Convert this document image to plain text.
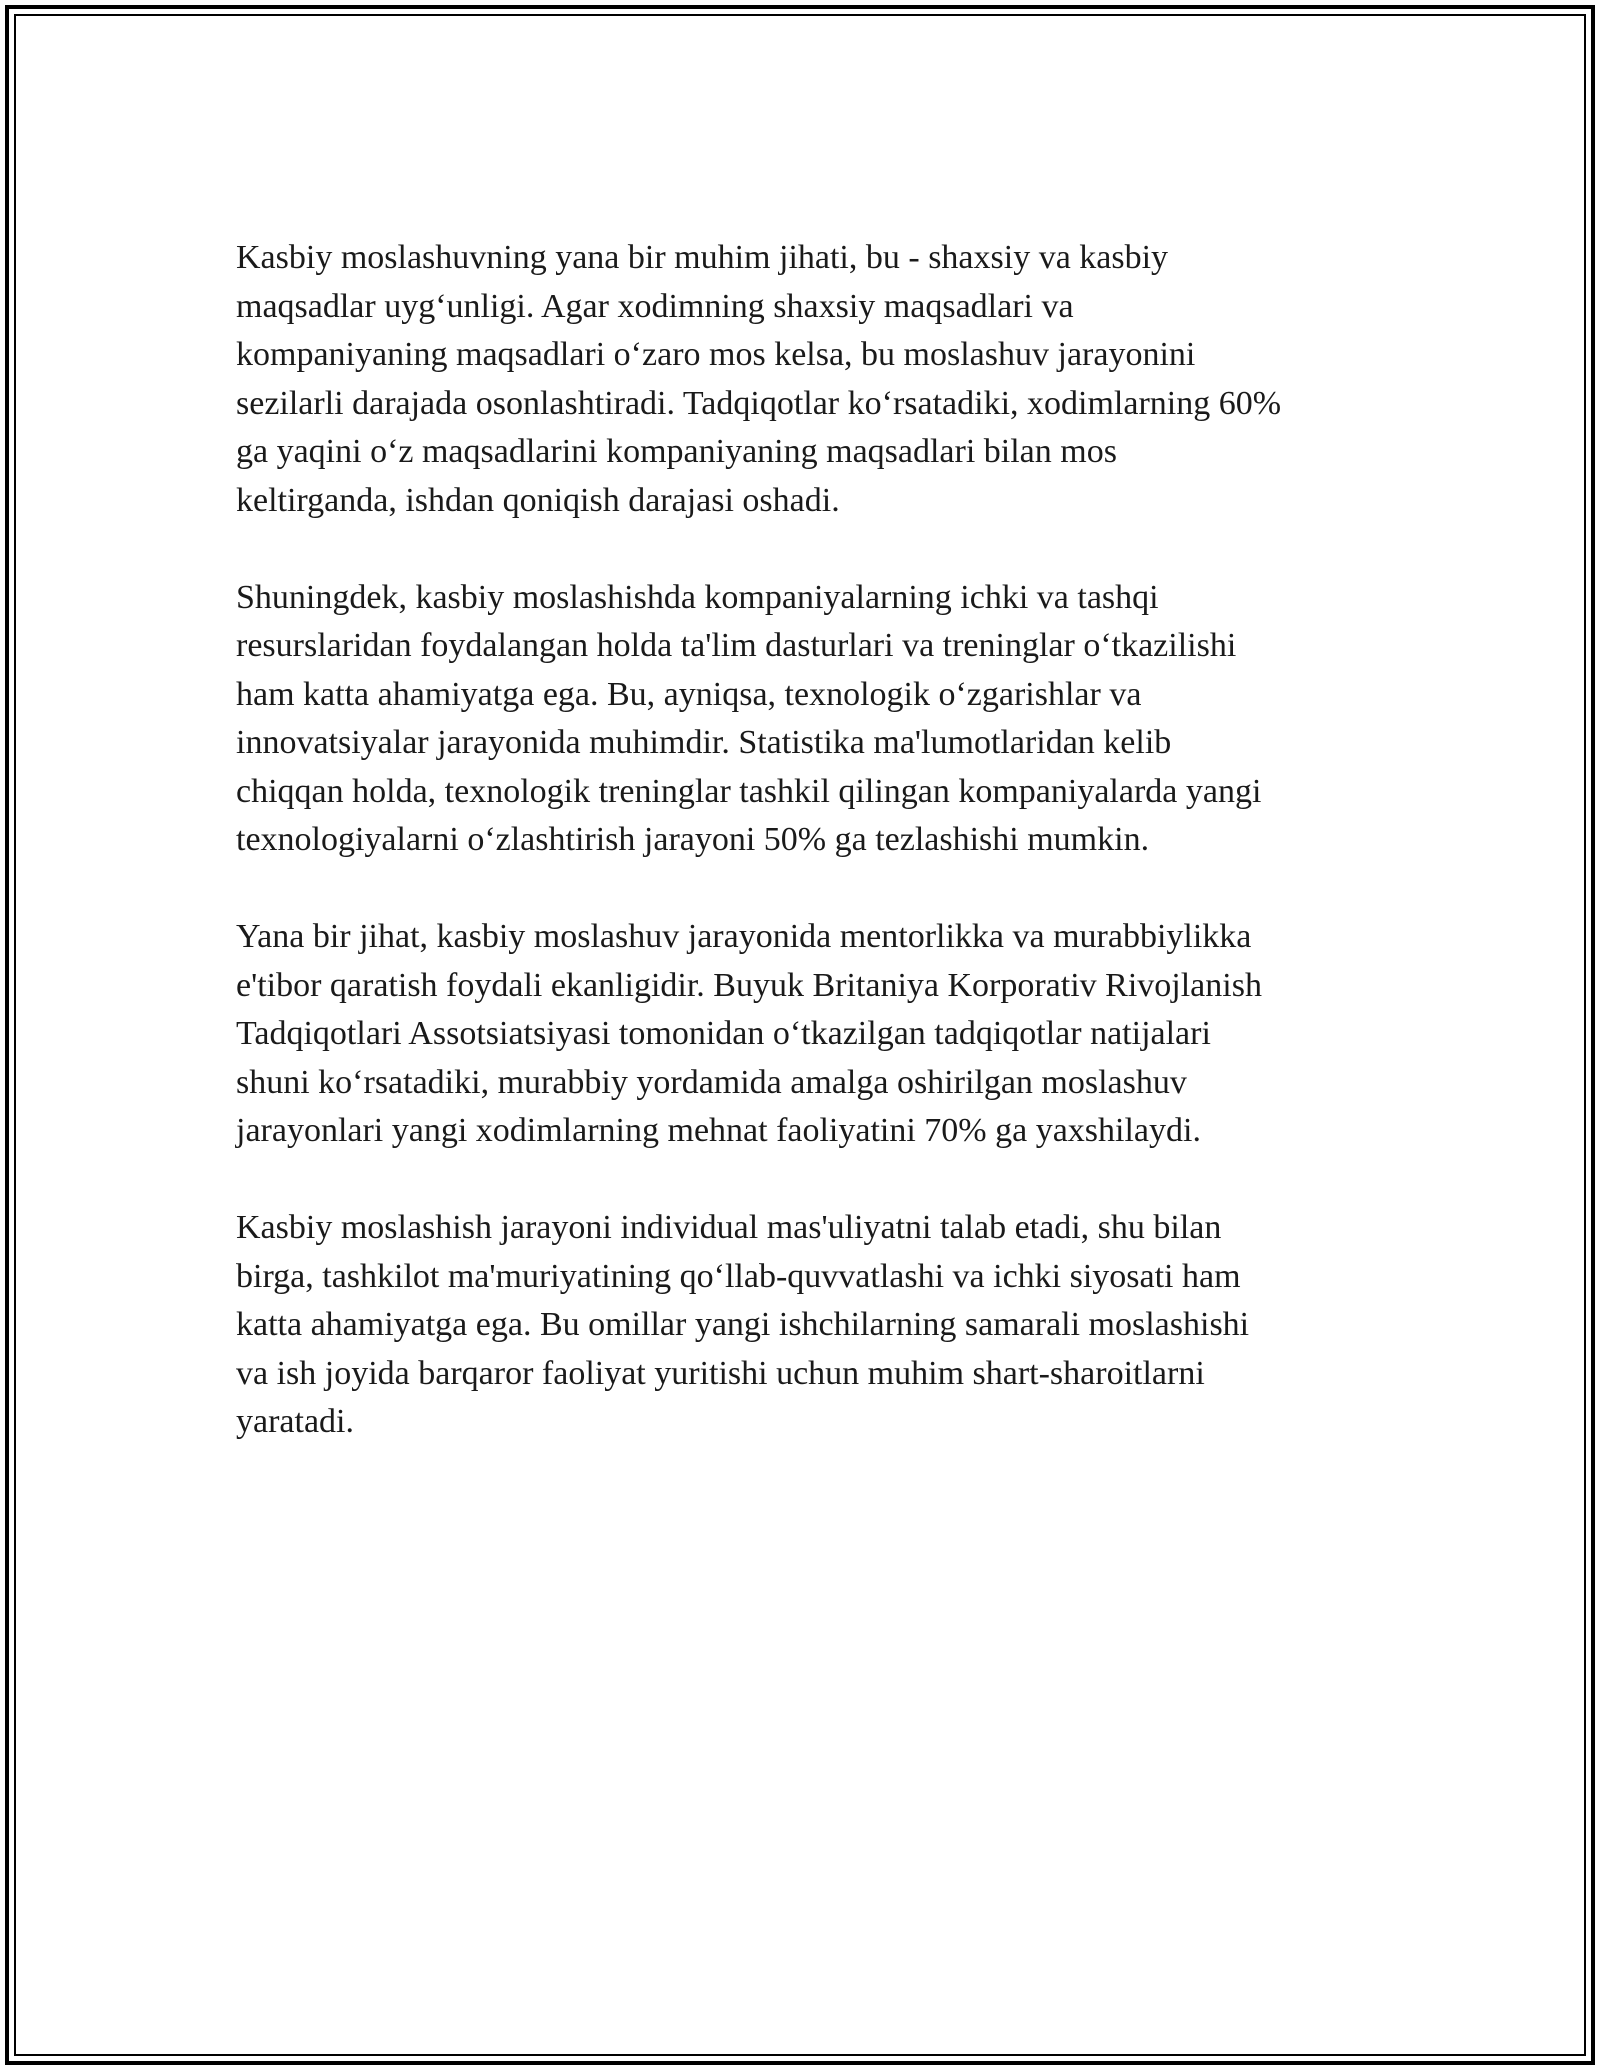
Kasbiy moslashuvning yana bir muhim jihati, bu - shaxsiy va kasbiy
maqsadlar uyg‘unligi. Agar xodimning shaxsiy maqsadlari va
kompaniyaning maqsadlari o‘zaro mos kelsa, bu moslashuv jarayonini
sezilarli darajada osonlashtiradi. Tadqiqotlar ko‘rsatadiki, xodimlarning 60%
ga yaqini o‘z maqsadlarini kompaniyaning maqsadlari bilan mos
keltirganda, ishdan qoniqish darajasi oshadi.

Shuningdek, kasbiy moslashishda kompaniyalarning ichki va tashqi
resurslaridan foydalangan holda ta'lim dasturlari va treninglar o‘tkazilishi
ham katta ahamiyatga ega. Bu, ayniqsa, texnologik o‘zgarishlar va
innovatsiyalar jarayonida muhimdir. Statistika ma'lumotlaridan kelib
chiqqan holda, texnologik treninglar tashkil qilingan kompaniyalarda yangi
texnologiyalarni o‘zlashtirish jarayoni 50% ga tezlashishi mumkin.

Yana bir jihat, kasbiy moslashuv jarayonida mentorlikka va murabbiylikka
e'tibor qaratish foydali ekanligidir. Buyuk Britaniya Korporativ Rivojlanish
Tadqiqotlari Assotsiatsiyasi tomonidan o‘tkazilgan tadqiqotlar natijalari
shuni ko‘rsatadiki, murabbiy yordamida amalga oshirilgan moslashuv
jarayonlari yangi xodimlarning mehnat faoliyatini 70% ga yaxshilaydi.

Kasbiy moslashish jarayoni individual mas'uliyatni talab etadi, shu bilan
birga, tashkilot ma'muriyatining qo‘llab-quvvatlashi va ichki siyosati ham
katta ahamiyatga ega. Bu omillar yangi ishchilarning samarali moslashishi
va ish joyida barqaror faoliyat yuritishi uchun muhim shart-sharoitlarni
yaratadi.
